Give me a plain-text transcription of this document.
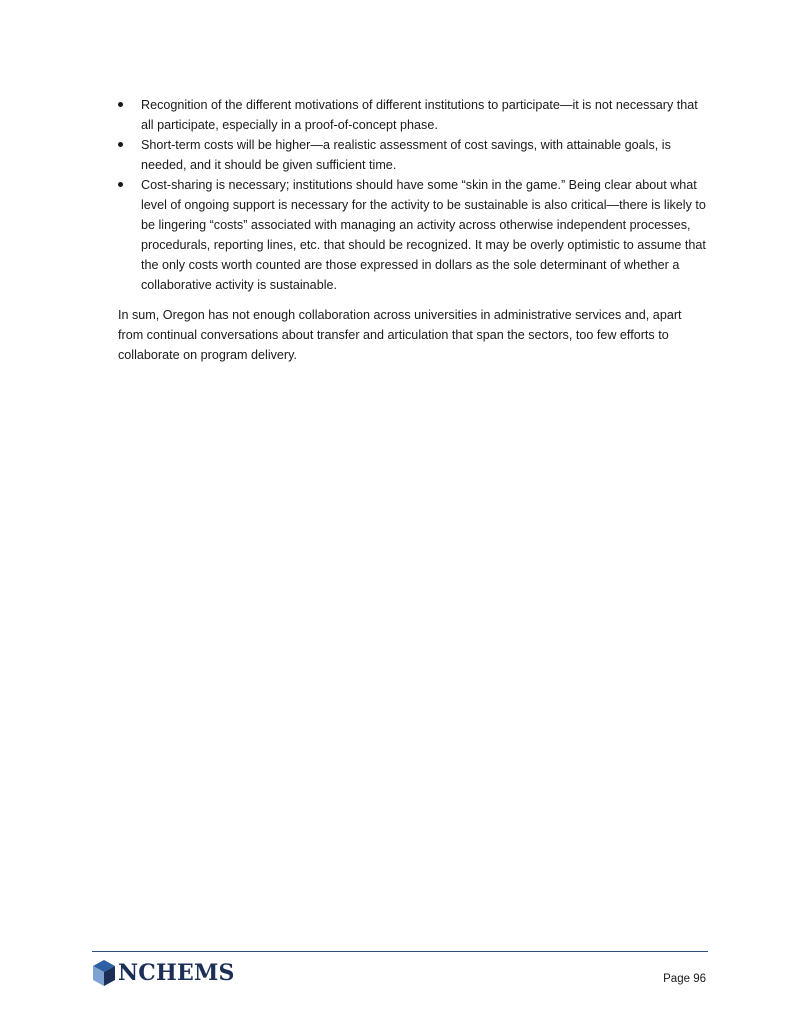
Recognition of the different motivations of different institutions to participate—it is not necessary that all participate, especially in a proof-of-concept phase.
Short-term costs will be higher—a realistic assessment of cost savings, with attainable goals, is needed, and it should be given sufficient time.
Cost-sharing is necessary; institutions should have some “skin in the game.” Being clear about what level of ongoing support is necessary for the activity to be sustainable is also critical—there is likely to be lingering “costs” associated with managing an activity across otherwise independent processes, procedurals, reporting lines, etc. that should be recognized. It may be overly optimistic to assume that the only costs worth counted are those expressed in dollars as the sole determinant of whether a collaborative activity is sustainable.

In sum, Oregon has not enough collaboration across universities in administrative services and, apart from continual conversations about transfer and articulation that span the sectors, too few efforts to collaborate on program delivery.

NCHEMS	Page 96
